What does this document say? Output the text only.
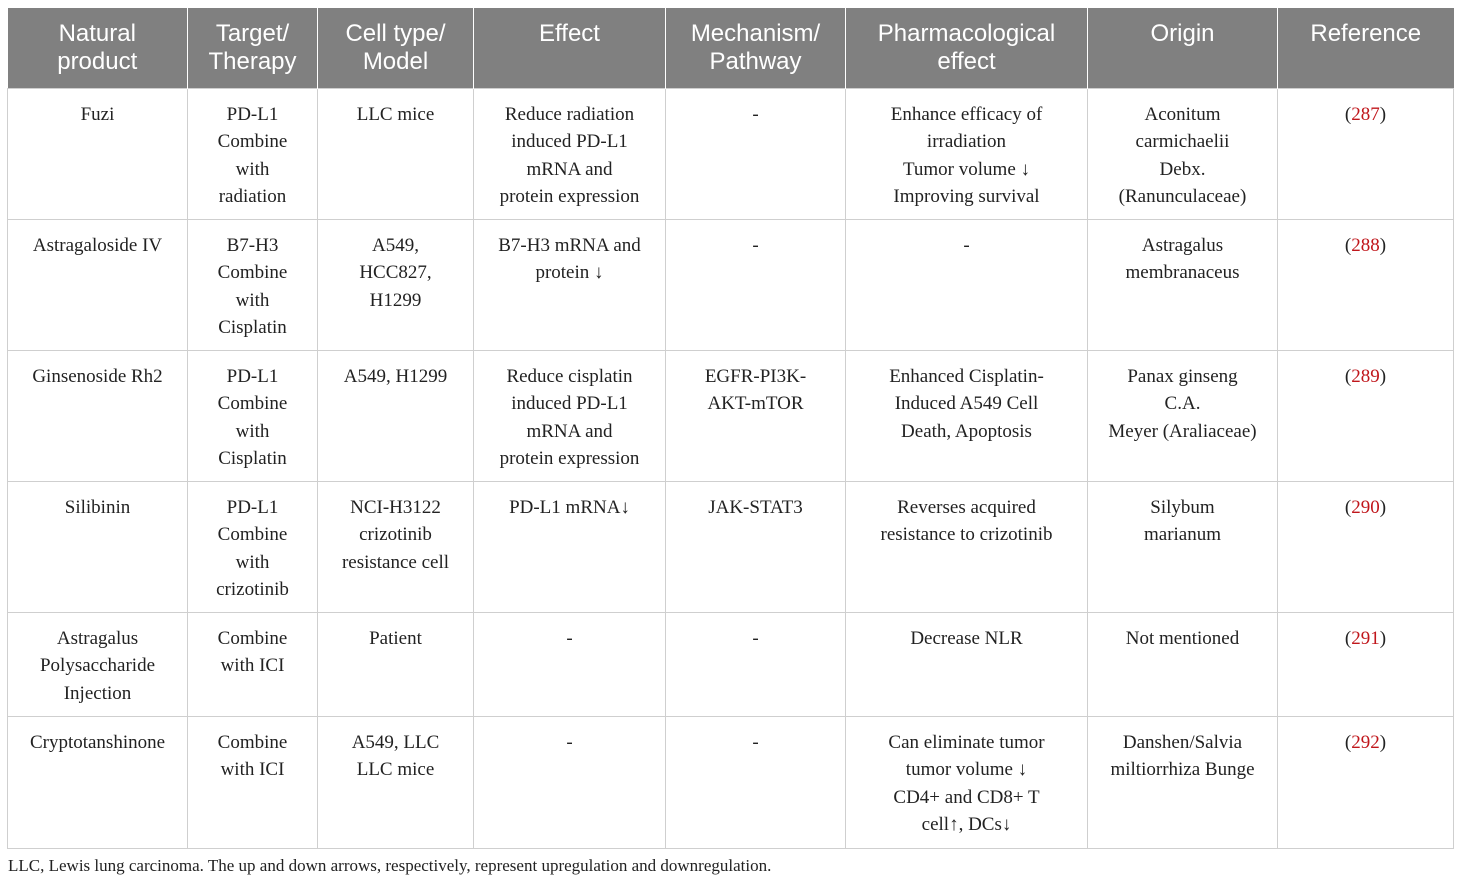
Natural
product	Target/
Therapy	Cell type/
Model	Effect	Mechanism/
Pathway	Pharmacological
effect	Origin	Reference

Fuzi	PD-L1
Combine
with
radiation	LLC mice	Reduce radiation
induced PD-L1
mRNA and
protein expression	-	Enhance efficacy of
irradiation
Tumor volume ↓
Improving survival	Aconitum
carmichaelii
Debx.
(Ranunculaceae)	(287)

Astragaloside IV	B7-H3
Combine
with
Cisplatin	A549,
HCC827,
H1299	B7-H3 mRNA and
protein ↓	-	-	Astragalus
membranaceus	(288)

Ginsenoside Rh2	PD-L1
Combine
with
Cisplatin	A549, H1299	Reduce cisplatin
induced PD-L1
mRNA and
protein expression	EGFR-PI3K-
AKT-mTOR	Enhanced Cisplatin-
Induced A549 Cell
Death, Apoptosis	Panax ginseng
C.A.
Meyer (Araliaceae)	(289)

Silibinin	PD-L1
Combine
with
crizotinib	NCI-H3122
crizotinib
resistance cell	PD-L1 mRNA↓	JAK-STAT3	Reverses acquired
resistance to crizotinib	Silybum
marianum	(290)

Astragalus
Polysaccharide
Injection	Combine
with ICI	Patient	-	-	Decrease NLR	Not mentioned	(291)

Cryptotanshinone	Combine
with ICI	A549, LLC
LLC mice	-	-	Can eliminate tumor
tumor volume ↓
CD4+ and CD8+ T
cell↑, DCs↓	Danshen/Salvia
miltiorrhiza Bunge	(292)
LLC, Lewis lung carcinoma. The up and down arrows, respectively, represent upregulation and downregulation.
